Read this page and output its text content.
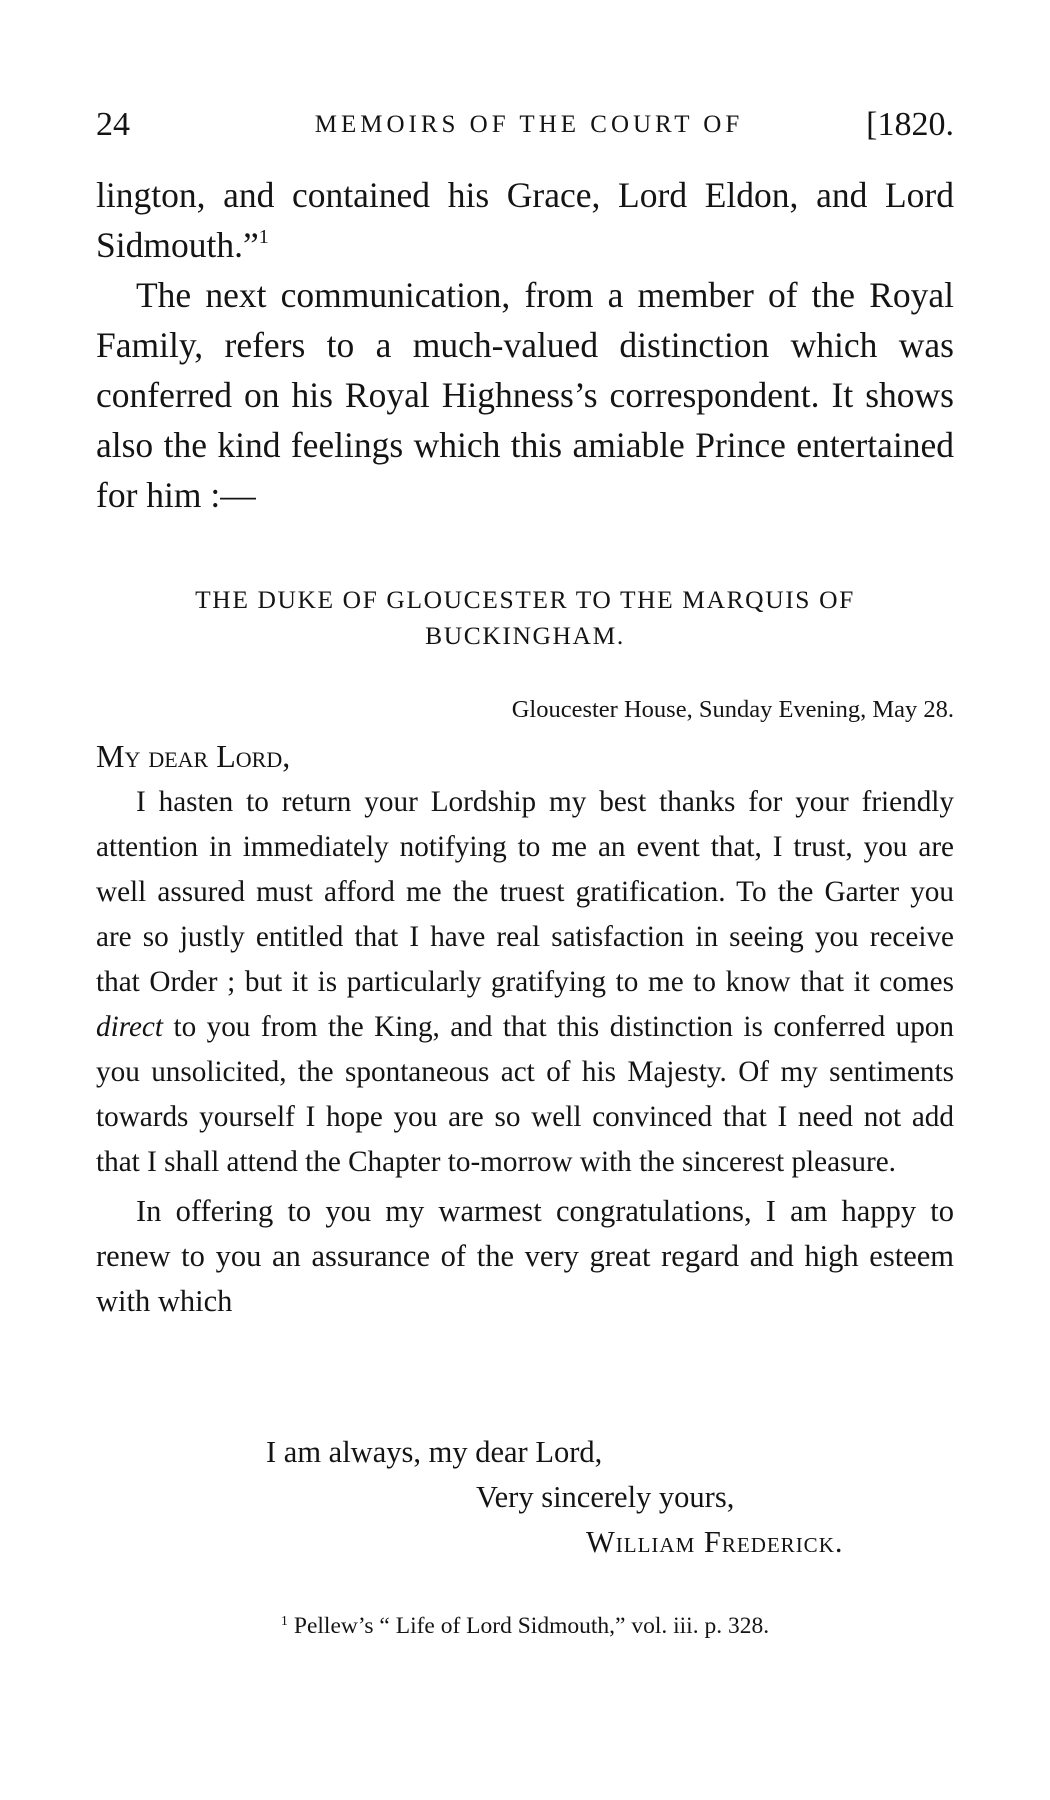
24	MEMOIRS OF THE COURT OF	[1820.

lington, and contained his Grace, Lord Eldon, and Lord Sidmouth.”$^1$

The next communication, from a member of the Royal Family, refers to a much-valued distinction which was conferred on his Royal Highness’s correspondent. It shows also the kind feelings which this amiable Prince entertained for him :—

THE DUKE OF GLOUCESTER TO THE MARQUIS OF
BUCKINGHAM.
Gloucester House, Sunday Evening, May 28.
My dear Lord,

I hasten to return your Lordship my best thanks for your friendly attention in immediately notifying to me an event that, I trust, you are well assured must afford me the truest gratification. To the Garter you are so justly entitled that I have real satisfaction in seeing you receive that Order ; but it is particularly gratifying to me to know that it comes direct to you from the King, and that this distinction is conferred upon you unsolicited, the spontaneous act of his Majesty. Of my sentiments towards yourself I hope you are so well convinced that I need not add that I shall attend the Chapter to-morrow with the sincerest pleasure.

In offering to you my warmest congratulations, I am happy to renew to you an assurance of the very great regard and high esteem with which

I am always, my dear Lord,
Very sincerely yours,
William Frederick.
$^1$ Pellew’s “ Life of Lord Sidmouth,” vol. iii. p. 328.
